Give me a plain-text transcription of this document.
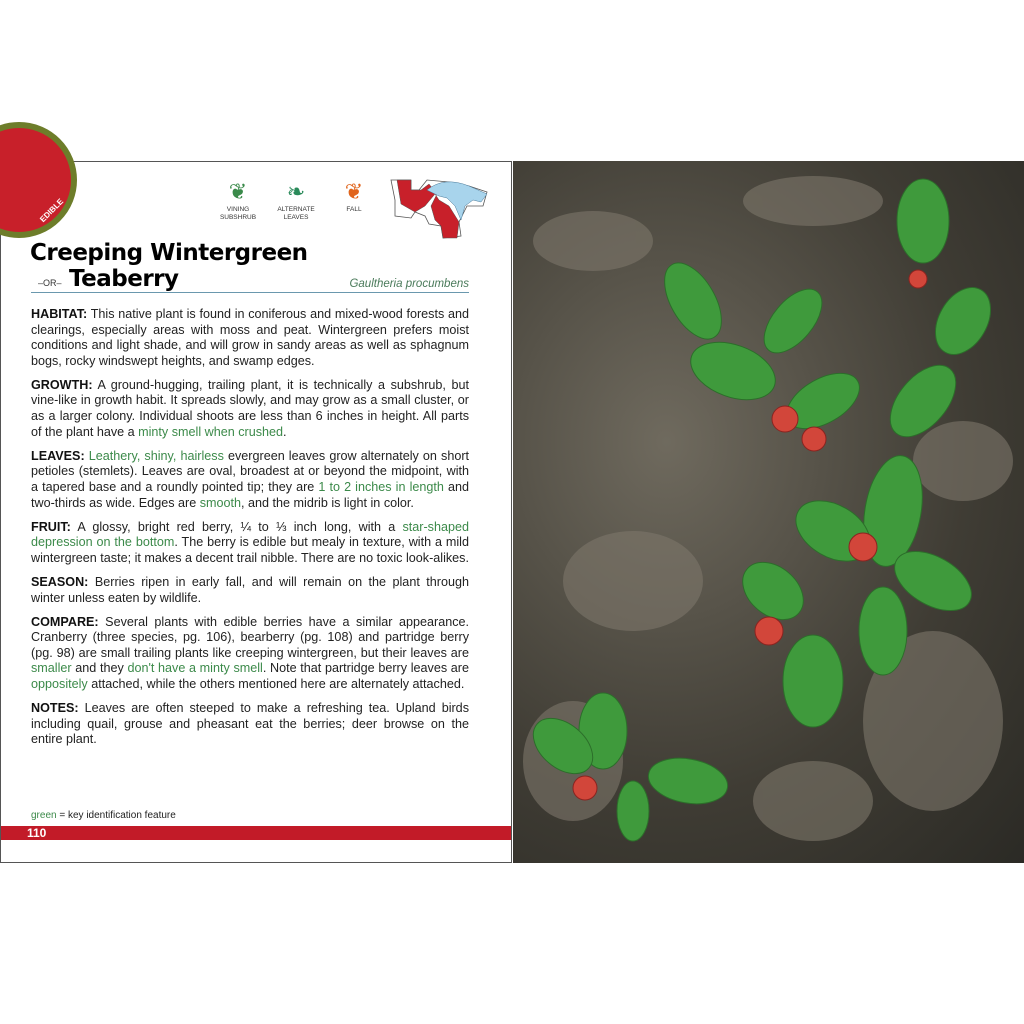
EDIBLE
❦
VINING
SUBSHRUB
❧
ALTERNATE
LEAVES
❦
FALL

Creeping Wintergreen
–OR– Teaberry	Gaultheria procumbens

HABITAT: This native plant is found in coniferous and mixed-wood forests and clearings, especially areas with moss and peat. Wintergreen prefers moist conditions and light shade, and will grow in sandy areas as well as sphagnum bogs, rocky windswept heights, and swamp edges.

GROWTH: A ground-hugging, trailing plant, it is technically a subshrub, but vine-like in growth habit. It spreads slowly, and may grow as a small cluster, or as a larger colony. Individual shoots are less than 6 inches in height. All parts of the plant have a minty smell when crushed.

LEAVES: Leathery, shiny, hairless evergreen leaves grow alternately on short petioles (stemlets). Leaves are oval, broadest at or beyond the midpoint, with a tapered base and a roundly pointed tip; they are 1 to 2 inches in length and two-thirds as wide. Edges are smooth, and the midrib is light in color.

FRUIT: A glossy, bright red berry, ¼ to ⅓ inch long, with a star-shaped depression on the bottom. The berry is edible but mealy in texture, with a mild wintergreen taste; it makes a decent trail nibble. There are no toxic look-alikes.

SEASON: Berries ripen in early fall, and will remain on the plant through winter unless eaten by wildlife.

COMPARE: Several plants with edible berries have a similar appearance. Cranberry (three species, pg. 106), bearberry (pg. 108) and partridge berry (pg. 98) are small trailing plants like creeping wintergreen, but their leaves are smaller and they don't have a minty smell. Note that partridge berry leaves are oppositely attached, while the others mentioned here are alternately attached.

NOTES: Leaves are often steeped to make a refreshing tea. Upland birds including quail, grouse and pheasant eat the berries; deer browse on the entire plant.

green = key identification feature
110
